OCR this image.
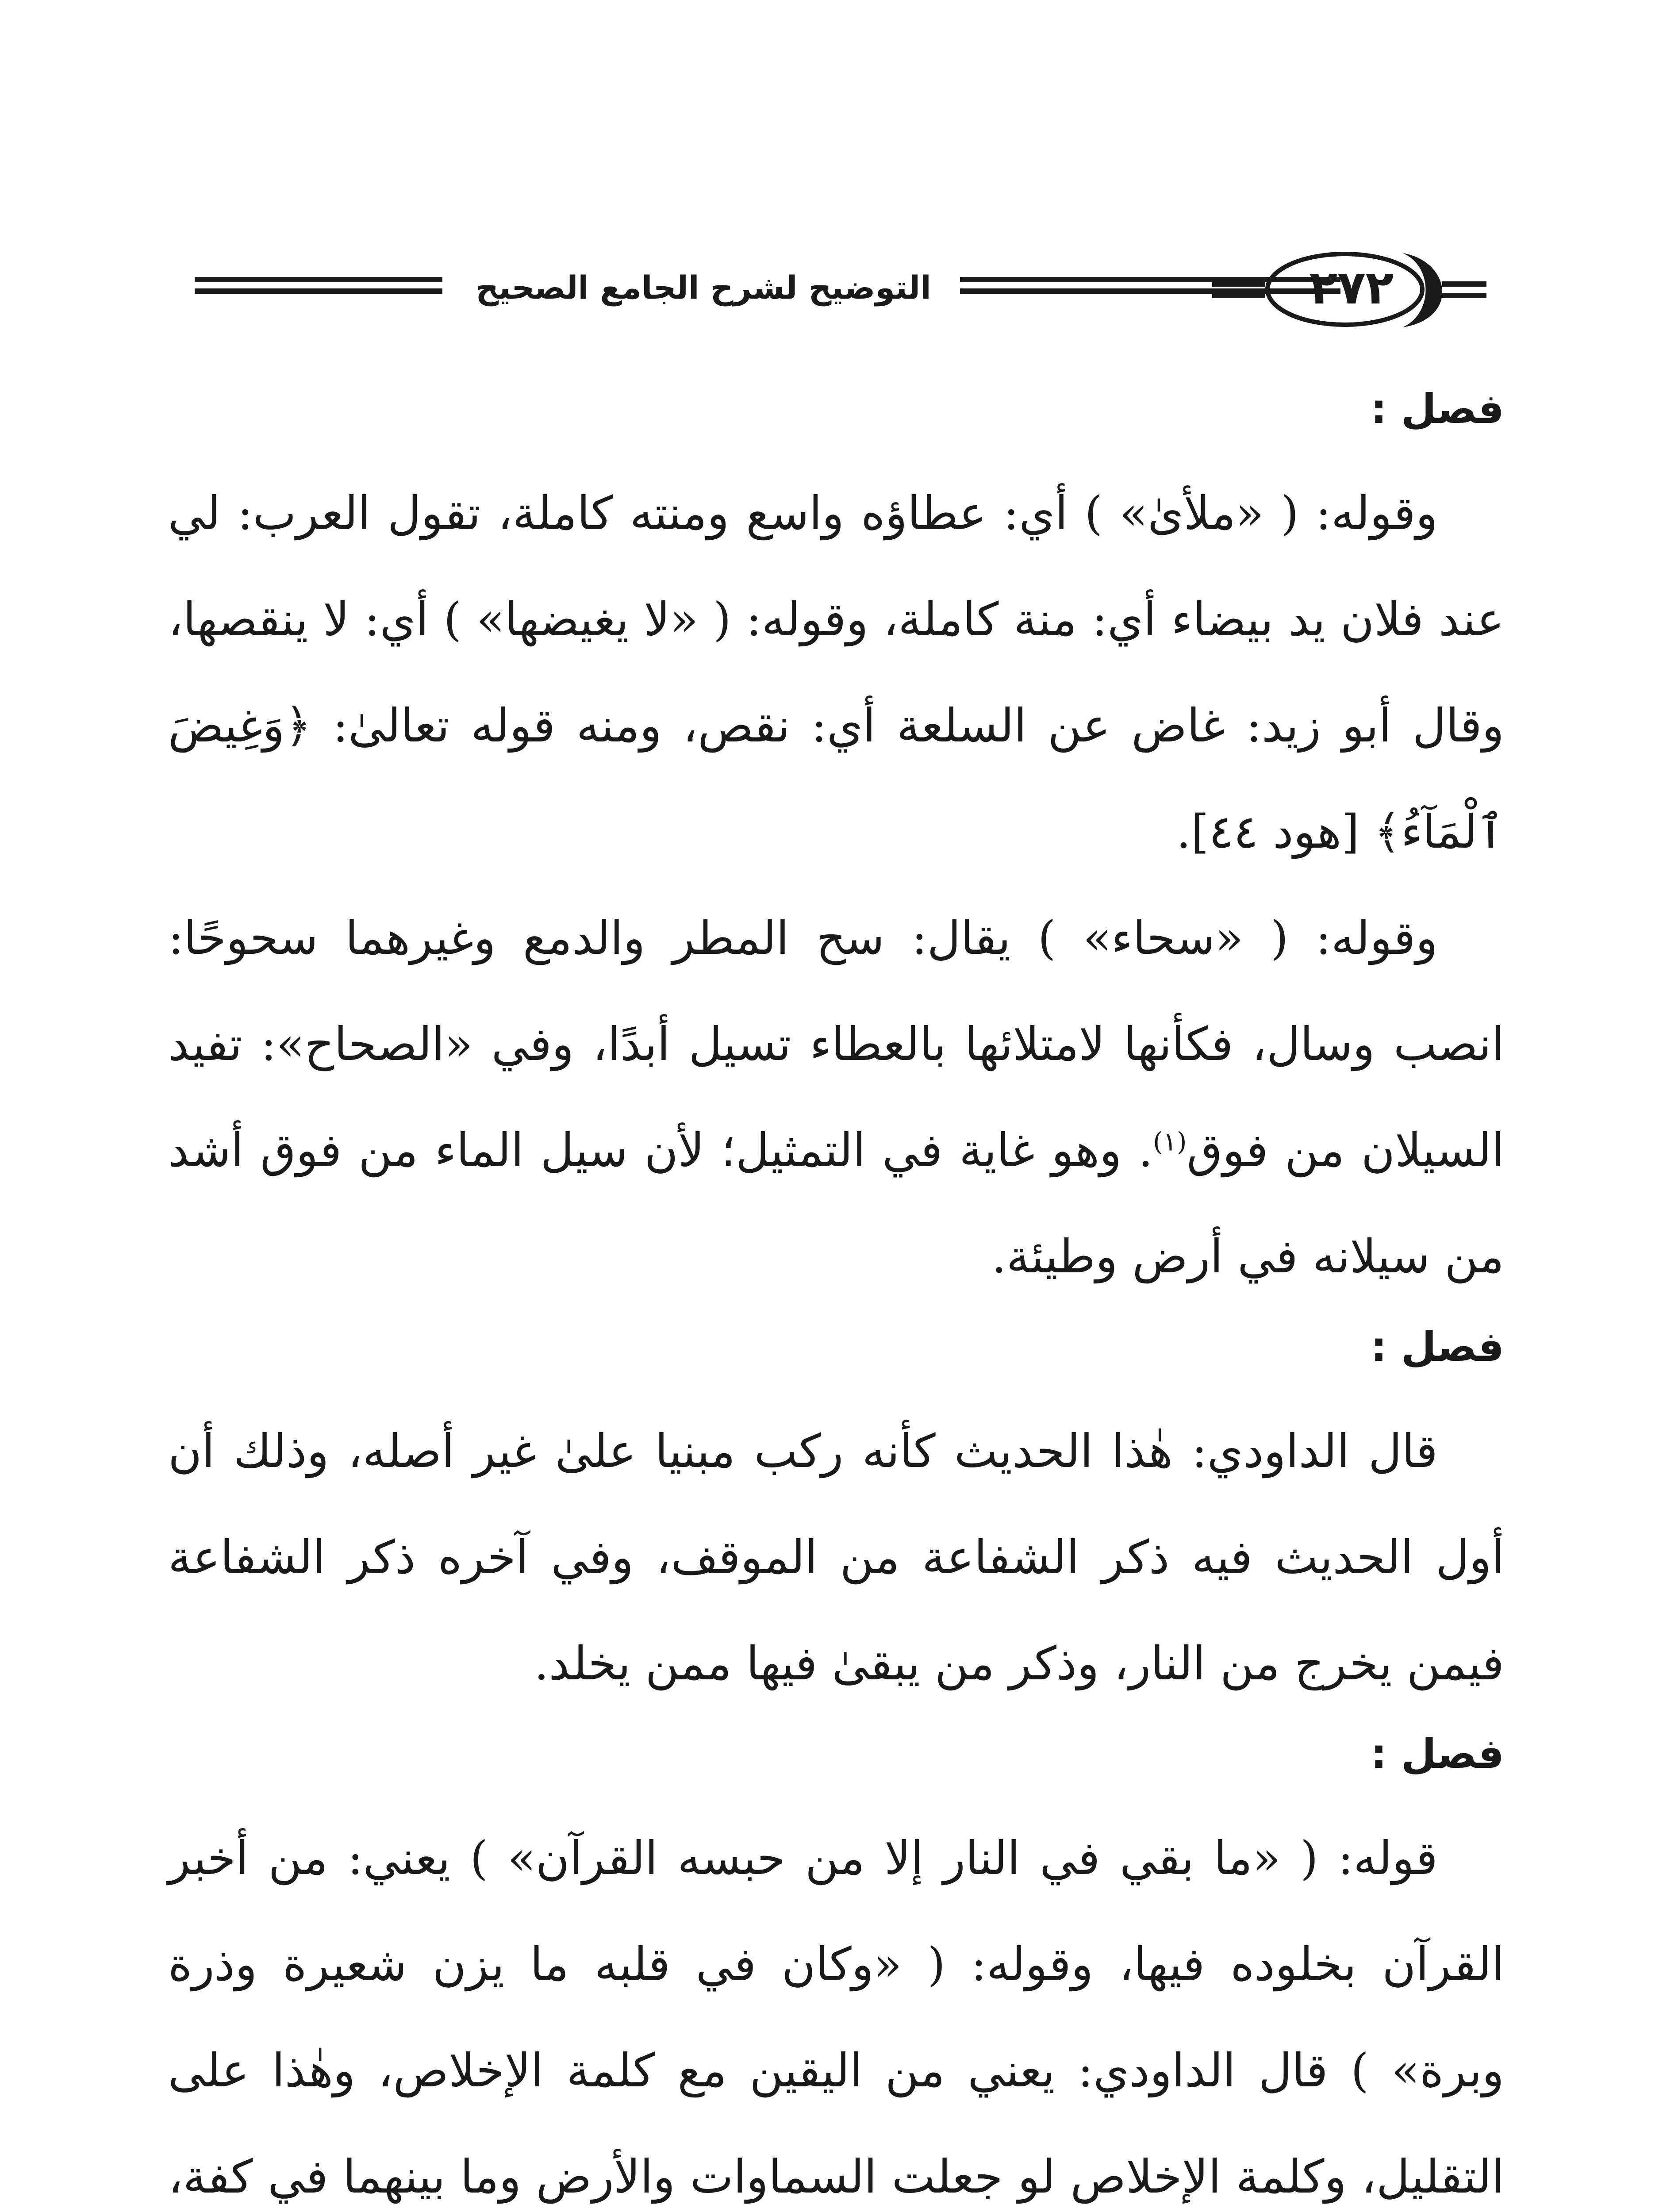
التوضيح لشرح الجامع الصحيح	٢٧٢

فصل :

وقوله: ( «ملأىٰ» ) أي: عطاؤه واسع ومنته كاملة، تقول العرب: لي عند فلان يد بيضاء أي: منة كاملة، وقوله: ( «لا يغيضها» ) أي: لا ينقصها، وقال أبو زيد: غاض عن السلعة أي: نقص، ومنه قوله تعالىٰ: ﴿وَغِيضَ ٱلْمَآءُ﴾ [هود ٤٤].

وقوله: ( «سحاء» ) يقال: سح المطر والدمع وغيرهما سحوحًا: انصب وسال، فكأنها لامتلائها بالعطاء تسيل أبدًا، وفي «الصحاح»: تفيد السيلان من فوق$^{(١)}$. وهو غاية في التمثيل؛ لأن سيل الماء من فوق أشد من سيلانه في أرض وطيئة.

فصل :

قال الداودي: هٰذا الحديث كأنه ركب مبنيا علىٰ غير أصله، وذلك أن أول الحديث فيه ذكر الشفاعة من الموقف، وفي آخره ذكر الشفاعة فيمن يخرج من النار، وذكر من يبقىٰ فيها ممن يخلد.

فصل :

قوله: ( «ما بقي في النار إلا من حبسه القرآن» ) يعني: من أخبر القرآن بخلوده فيها، وقوله: ( «وكان في قلبه ما يزن شعيرة وذرة وبرة» ) قال الداودي: يعني من اليقين مع كلمة الإخلاص، وهٰذا على التقليل، وكلمة الإخلاص لو جعلت السماوات والأرض وما بينهما في كفة،
